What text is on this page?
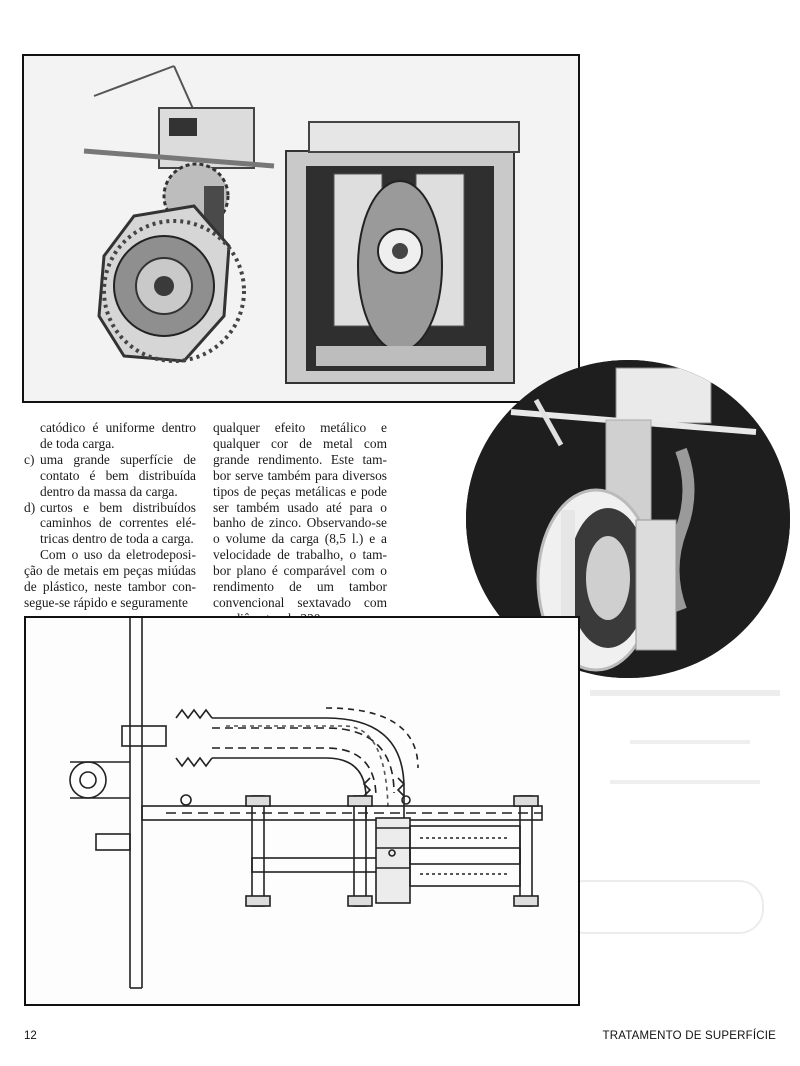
catódico é uniforme dentro de toda carga.

c) uma grande superfície de contato é bem distribuída dentro da massa da carga.
d) curtos e bem distribuídos caminhos de correntes elé-tricas dentro de toda a carga.

Com o uso da eletrodeposi-ção de metais em peças miúdas de plástico, neste tambor con-segue-se rápido e seguramente

qualquer efeito metálico e qualquer cor de metal com grande rendimento. Este tam-bor serve também para diversos tipos de peças metálicas e pode ser também usado até para o banho de zinco. Observando-se o volume da carga (8,5 l.) e a velocidade de trabalho, o tam-bor plano é comparável com o rendimento de um tambor convencional sextavado com

12	TRATAMENTO DE SUPERFÍCIE
